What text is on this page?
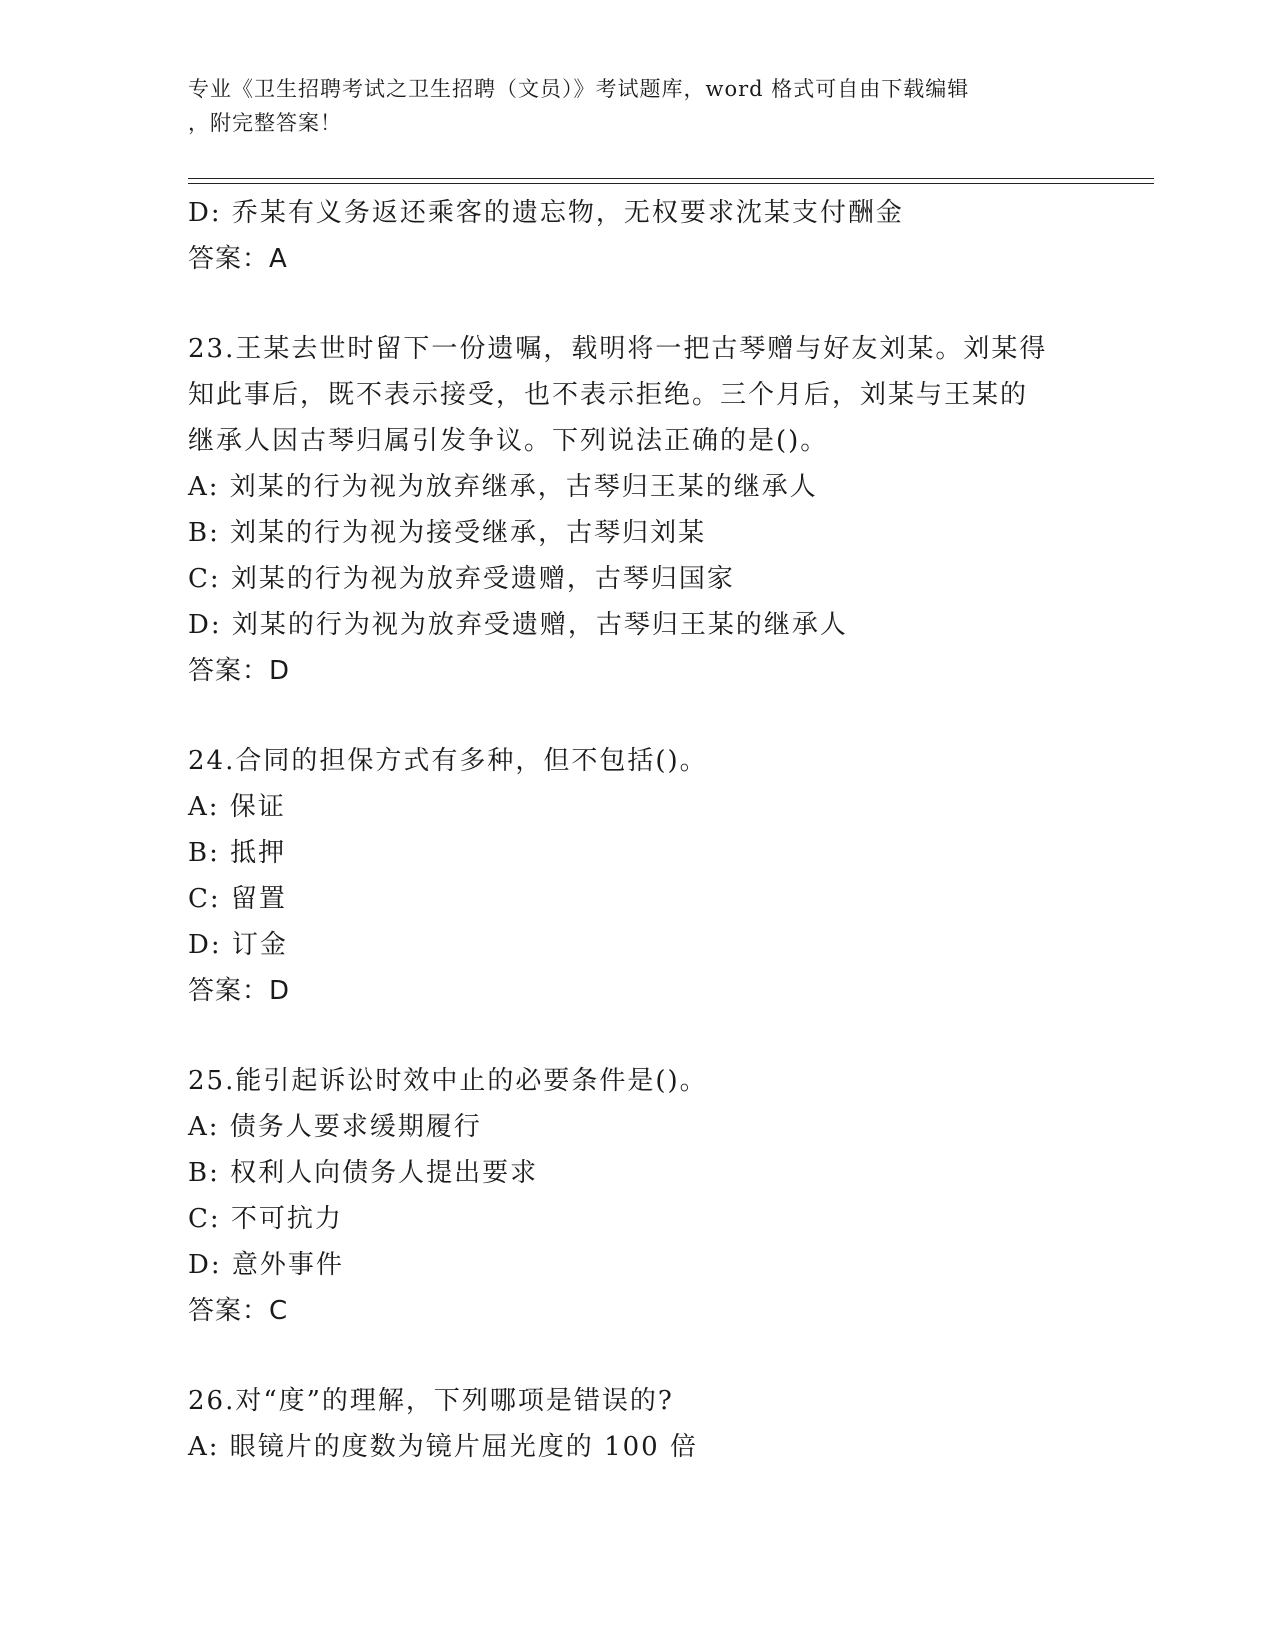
专业《卫生招聘考试之卫生招聘（文员）》考试题库，word 格式可自由下载编辑
，附完整答案！
D: 乔某有义务返还乘客的遗忘物，无权要求沈某支付酬金
答案：A
23.王某去世时留下一份遗嘱，载明将一把古琴赠与好友刘某。刘某得
知此事后，既不表示接受，也不表示拒绝。三个月后，刘某与王某的
继承人因古琴归属引发争议。下列说法正确的是()。
A: 刘某的行为视为放弃继承，古琴归王某的继承人
B: 刘某的行为视为接受继承，古琴归刘某
C: 刘某的行为视为放弃受遗赠，古琴归国家
D: 刘某的行为视为放弃受遗赠，古琴归王某的继承人
答案：D
24.合同的担保方式有多种，但不包括()。
A: 保证
B: 抵押
C: 留置
D: 订金
答案：D
25.能引起诉讼时效中止的必要条件是()。
A: 债务人要求缓期履行
B: 权利人向债务人提出要求
C: 不可抗力
D: 意外事件
答案：C
26.对“度”的理解，下列哪项是错误的?
A: 眼镜片的度数为镜片屈光度的 100 倍
